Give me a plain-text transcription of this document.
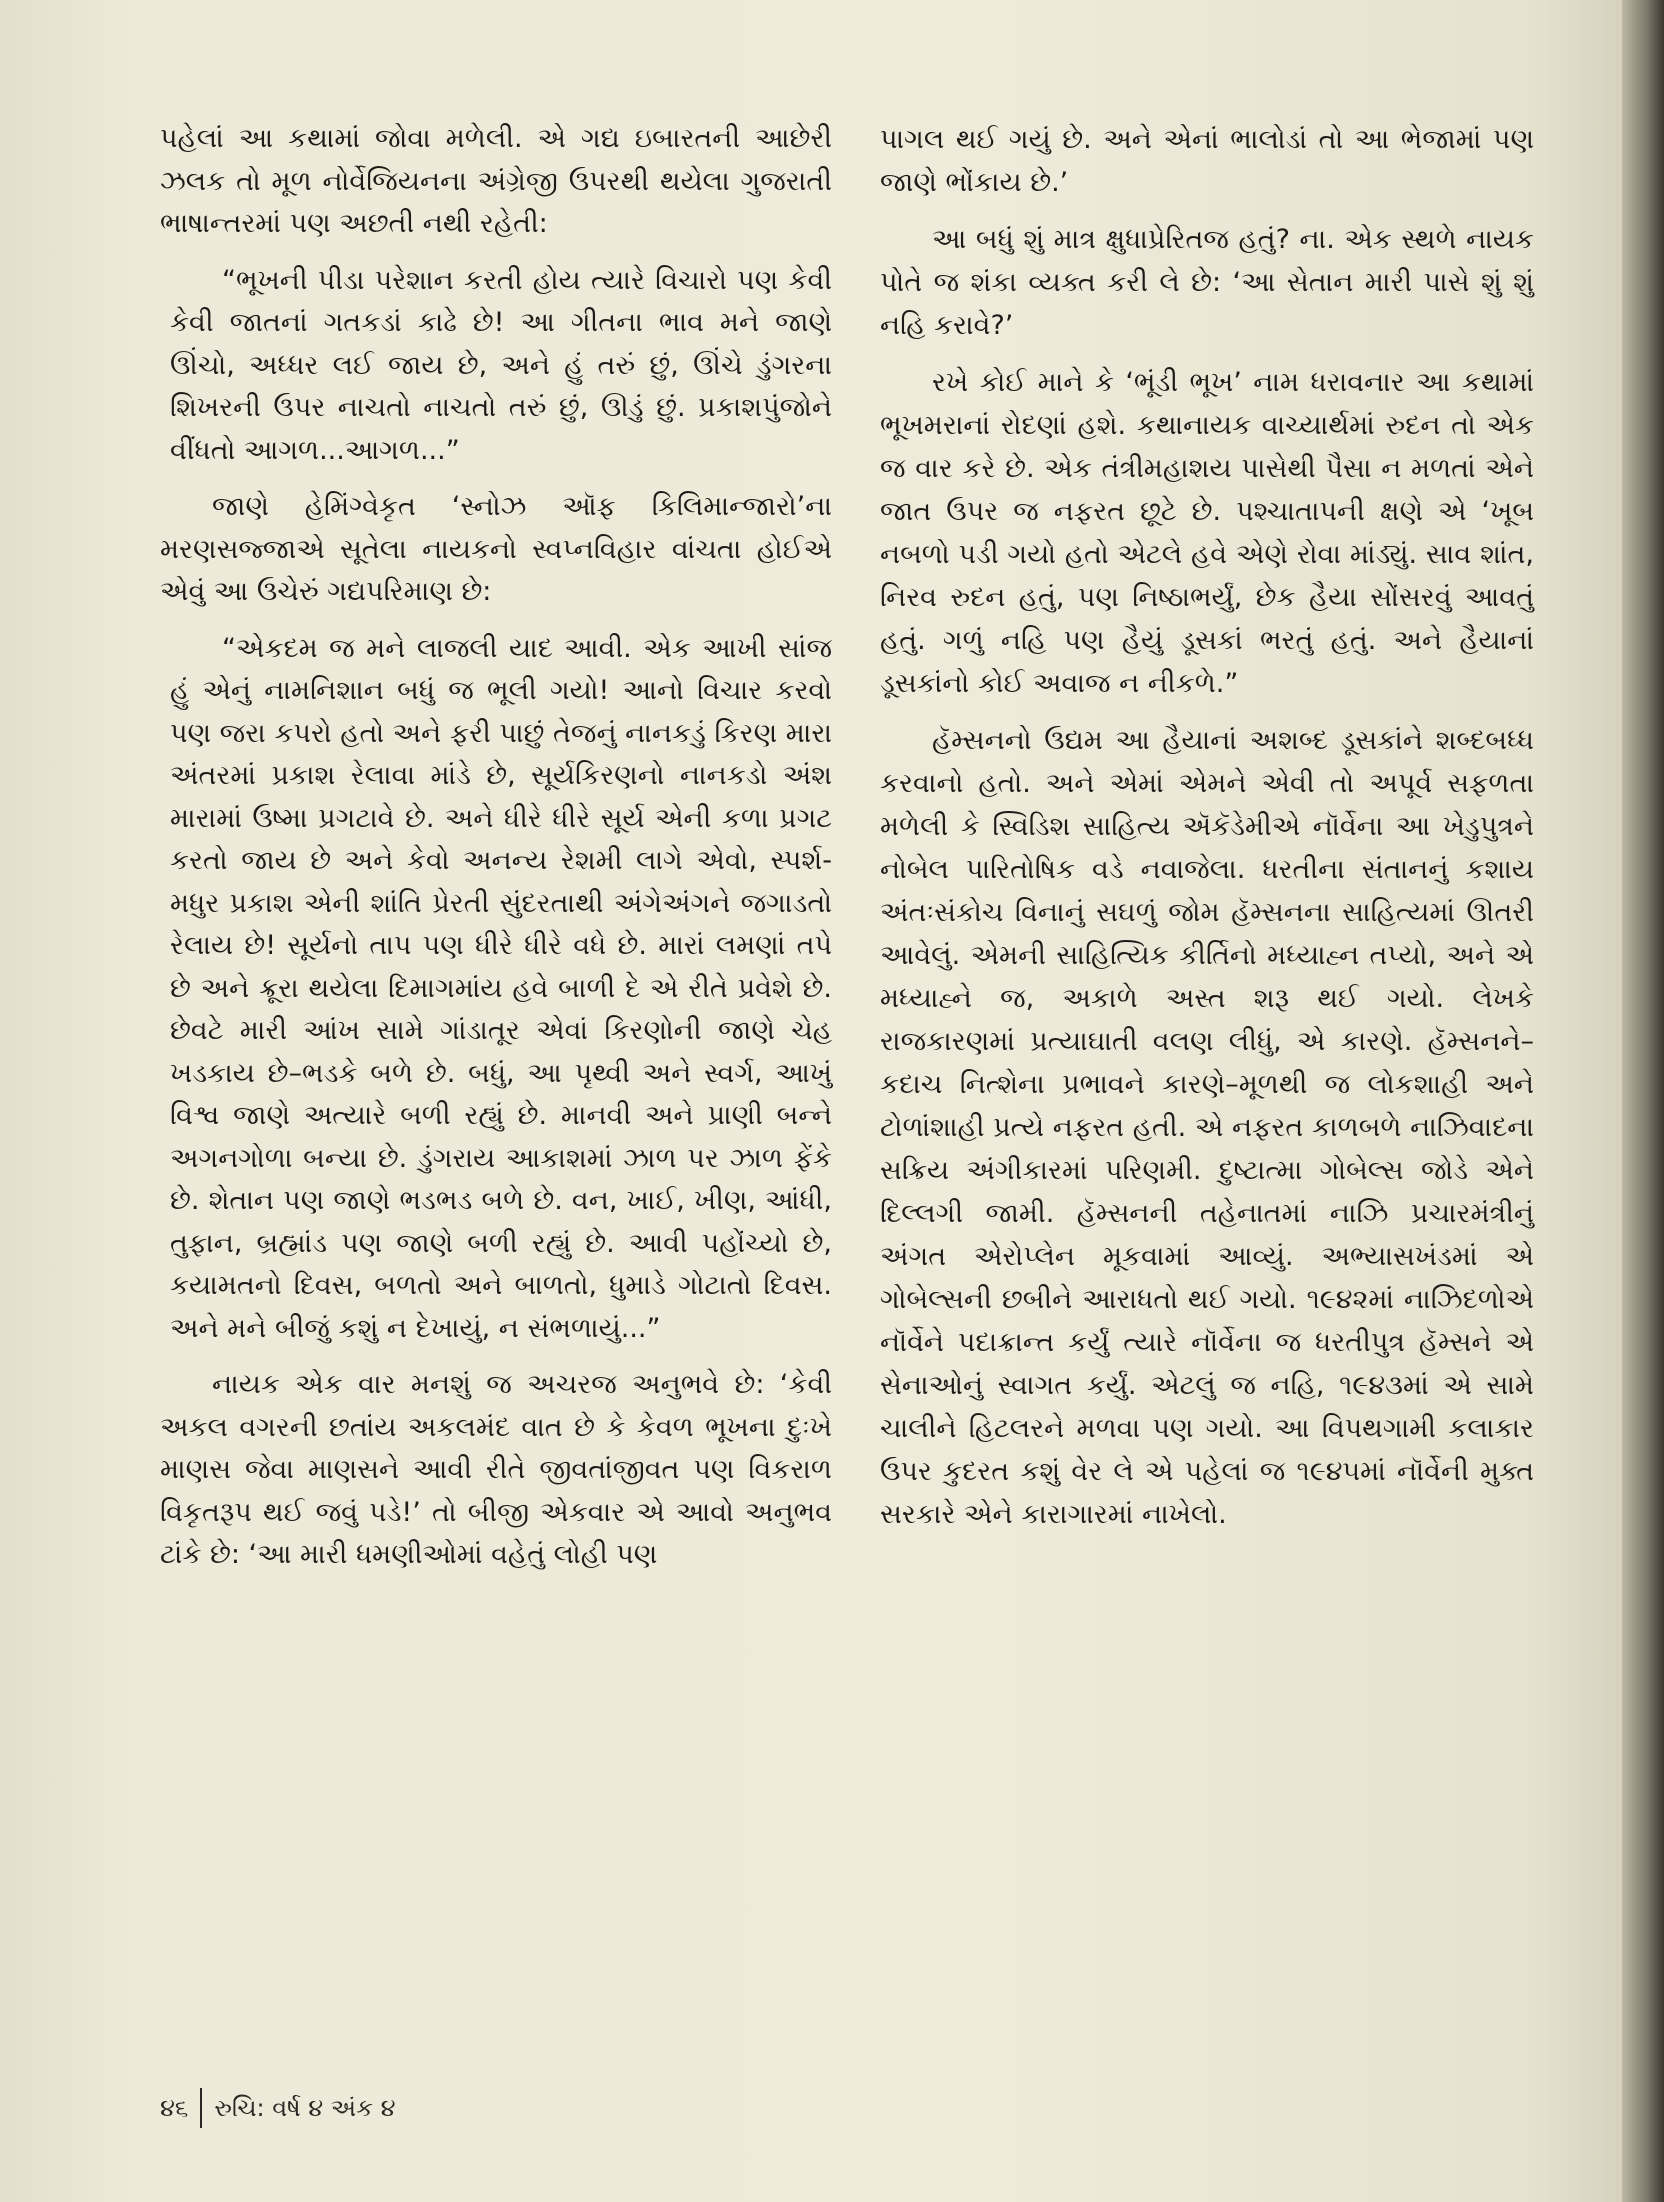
પહેલાં આ કથામાં જોવા મળેલી. એ ગદ્ય ઇબારતની આછેરી ઝલક તો મૂળ નોર્વેજિયનના અંગ્રેજી ઉપરથી થયેલા ગુજરાતી ભાષાન્તરમાં પણ અછતી નથી રહેતી:

“ભૂખની પીડા પરેશાન કરતી હોય ત્યારે વિચારો પણ કેવી કેવી જાતનાં ગતકડાં કાઢે છે! આ ગીતના ભાવ મને જાણે ઊંચો, અધ્ધર લઈ જાય છે, અને હું તરું છું, ઊંચે ડુંગરના શિખરની ઉપર નાચતો નાચતો તરું છું, ઊડું છું. પ્રકાશપુંજોને વીંધતો આગળ...આગળ...”

જાણે હેમિંગ્વેકૃત ‘સ્નોઝ ઑફ કિલિમાન્જારો’ના મરણસજ્જાએ સૂતેલા નાયકનો સ્વપ્નવિહાર વાંચતા હોઈએ એવું આ ઉચેરું ગદ્યપરિમાણ છે:

“એકદમ જ મને લાજલી યાદ આવી. એક આખી સાંજ હું એનું નામનિશાન બધું જ ભૂલી ગયો! આનો વિચાર કરવો પણ જરા કપરો હતો અને ફરી પાછું તેજનું નાનકડું કિરણ મારા અંતરમાં પ્રકાશ રેલાવા માંડે છે, સૂર્યકિરણનો નાનકડો અંશ મારામાં ઉષ્મા પ્રગટાવે છે. અને ધીરે ધીરે સૂર્ય એની કળા પ્રગટ કરતો જાય છે અને કેવો અનન્ય રેશમી લાગે એવો, સ્પર્શ-મધુર પ્રકાશ એની શાંતિ પ્રેરતી સુંદરતાથી અંગેઅંગને જગાડતો રેલાય છે! સૂર્યનો તાપ પણ ધીરે ધીરે વધે છે. મારાં લમણાં તપે છે અને ક્રૂરા થયેલા દિમાગમાંય હવે બાળી દે એ રીતે પ્રવેશે છે. છેવટે મારી આંખ સામે ગાંડાતૂર એવાં કિરણોની જાણે ચેહ ખડકાય છે–ભડકે બળે છે. બધું, આ પૃથ્વી અને સ્વર્ગ, આખું વિશ્વ જાણે અત્યારે બળી રહ્યું છે. માનવી અને પ્રાણી બન્ને અગનગોળા બન્યા છે. ડુંગરાય આકાશમાં ઝાળ પર ઝાળ ફેંકે છે. શેતાન પણ જાણે ભડભડ બળે છે. વન, ખાઈ, ખીણ, આંધી, તુફાન, બ્રહ્માંડ પણ જાણે બળી રહ્યું છે. આવી પહોંચ્યો છે, કયામતનો દિવસ, બળતો અને બાળતો, ધુમાડે ગોટાતો દિવસ. અને મને બીજું કશું ન દેખાયું, ન સંભળાયું...”

નાયક એક વાર મનશું જ અચરજ અનુભવે છે: ‘કેવી અકલ વગરની છતાંય અકલમંદ વાત છે કે કેવળ ભૂખના દુઃખે માણસ જેવા માણસને આવી રીતે જીવતાંજીવત પણ વિકરાળ વિકૃતરૂપ થઈ જવું પડે!’ તો બીજી એકવાર એ આવો અનુભવ ટાંકે છે: ‘આ મારી ધમણીઓમાં વહેતું લોહી પણ

પાગલ થઈ ગયું છે. અને એનાં ભાલોડાં તો આ ભેજામાં પણ જાણે ભોંકાય છે.’

આ બધું શું માત્ર ક્ષુધાપ્રેરિતજ હતું? ના. એક સ્થળે નાયક પોતે જ શંકા વ્યક્ત કરી લે છે: ‘આ સેતાન મારી પાસે શું શું નહિ કરાવે?’

રખે કોઈ માને કે ‘ભૂંડી ભૂખ’ નામ ધરાવનાર આ કથામાં ભૂખમરાનાં રોદણાં હશે. કથાનાયક વાચ્યાર્થમાં રુદન તો એક જ વાર કરે છે. એક તંત્રીમહાશય પાસેથી પૈસા ન મળતાં એને જાત ઉપર જ નફરત છૂટે છે. પશ્ચાતાપની ક્ષણે એ ‘ખૂબ નબળો પડી ગયો હતો એટલે હવે એણે રોવા માંડ્યું. સાવ શાંત, નિરવ રુદન હતું, પણ નિષ્ઠાભર્યું, છેક હૈયા સોંસરવું આવતું હતું. ગળું નહિ પણ હૈયું ડૂસકાં ભરતું હતું. અને હૈયાનાં ડૂસકાંનો કોઈ અવાજ ન નીકળે.”

હૅમ્સનનો ઉદ્યમ આ હૈયાનાં અશબ્દ ડૂસકાંને શબ્દબધ્ધ કરવાનો હતો. અને એમાં એમને એવી તો અપૂર્વ સફળતા મળેલી કે સ્વિડિશ સાહિત્ય ઍકૅડેમીએ નૉર્વેના આ ખેડુપુત્રને નોબેલ પારિતોષિક વડે નવાજેલા. ધરતીના સંતાનનું કશાય અંતઃસંકોચ વિનાનું સઘળું જોમ હૅમ્સનના સાહિત્યમાં ઊતરી આવેલું. એમની સાહિત્યિક કીર્તિનો મધ્યાહ્ન તપ્યો, અને એ મધ્યાહ્ને જ, અકાળે અસ્ત શરૂ થઈ ગયો. લેખકે રાજકારણમાં પ્રત્યાઘાતી વલણ લીધું, એ કારણે. હૅમ્સનને–કદાચ નિત્શેના પ્રભાવને કારણે–મૂળથી જ લોકશાહી અને ટોળાંશાહી પ્રત્યે નફરત હતી. એ નફરત કાળબળે નાઝિવાદના સક્રિય અંગીકારમાં પરિણમી. દુષ્ટાત્મા ગોબેલ્સ જોડે એને દિલ્લગી જામી. હૅમ્સનની તહેનાતમાં નાઝિ પ્રચારમંત્રીનું અંગત એરોપ્લેન મૂકવામાં આવ્યું. અભ્યાસખંડમાં એ ગોબેલ્સની છબીને આરાધતો થઈ ગયો. ૧૯૪૨માં નાઝિદળોએ નૉર્વેને પદાક્રાન્ત કર્યું ત્યારે નૉર્વેના જ ધરતીપુત્ર હૅમ્સને એ સેનાઓનું સ્વાગત કર્યું. એટલું જ નહિ, ૧૯૪૩માં એ સામે ચાલીને હિટલરને મળવા પણ ગયો. આ વિપથગામી કલાકાર ઉપર કુદરત કશું વેર લે એ પહેલાં જ ૧૯૪૫માં નૉર્વેની મુક્ત સરકારે એને કારાગારમાં નાખેલો.

૪૬ રુચિ: વર્ષ ૪ અંક ૪
